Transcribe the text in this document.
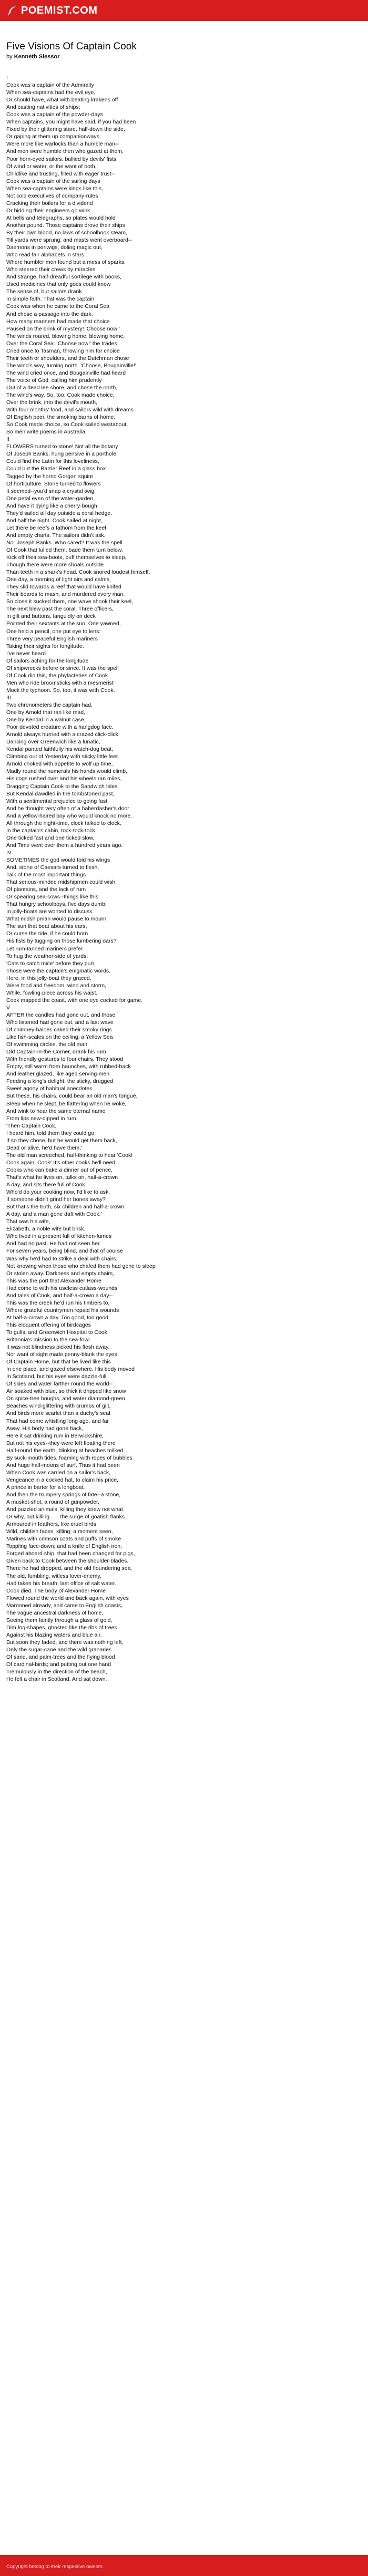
POEMIST.COM
Five Visions Of Captain Cook

by Kenneth Slessor

I
Cook was a captain of the Admiralty
When sea-captains had the evil eye,
Or should have, what with beating krakens off
And casting nativities of ships;
Cook was a captain of the powder-days
When captains, you might have said, if you had been
Fixed by their glittering stare, half-down the side,
Or gaping at them up companionways,
Were more like warlocks than a humble man--
And men were humble then who gazed at them,
Poor horn-eyed sailors, bullied by devils' fists
Of wind or water, or the want of both,
Childlike and trusting, filled with eager trust--
Cook was a captain of the sailing days
When sea-captains were kings like this,
Not cold executives of company-rules
Cracking their boilers for a dividend
Or bidding their engineers go wink
At bells and telegraphs, so plates would hold
Another pound. Those captains drove their ships
By their own blood, no laws of schoolbook steam,
Till yards were sprung, and masts went overboard--
Daemons in periwigs, doling magic out,
Who read fair alphabets in stars
Where humbler men found but a mess of sparks,
Who steered their crews by miracles
And strange, half-dreadful sortilege with books,
Used medicines that only gods could know
The sense of, but sailors drank
In simple faith. That was the captain
Cook was when he came to the Coral Sea
And chose a passage into the dark.
How many mariners had made that choice
Paused on the brink of mystery! 'Choose now!'
The winds roared, blowing home, blowing home,
Over the Coral Sea. 'Choose now!' the trades
Cried once to Tasman, throwing him for choice
Their teeth or shoulders, and the Dutchman chose
The wind's way, turning north. 'Choose, Bougainville!'
The wind cried once, and Bougainville had heard
The voice of God, calling him prudently
Out of a dead lee shore, and chose the north,
The wind's way. So, too, Cook made choice,
Over the brink, into the devil's mouth,
With four months' food, and sailors wild with dreams
Of English beer, the smoking barns of home.
So Cook made choice, so Cook sailed westabout,
So men write poems in Australia.
II
FLOWERS turned to stone! Not all the botany
Of Joseph Banks, hung pensive in a porthole,
Could find the Latin for this loveliness,
Could put the Barrier Reef in a glass box
Tagged by the horrid Gorgon squint
Of horticulture. Stone turned to flowers
It seemed--you'd snap a crystal twig,
One petal even of the water-garden,
And have it dying like a cherry-bough.
They'd sailed all day outside a coral hedge,
And half the night. Cook sailed at night,
Let there be reefs a fathom from the keel
And empty charts. The sailors didn't ask,
Nor Joseph Banks. Who cared? It was the spell
Of Cook that lulled them, bade them turn below,
Kick off their sea-boots, puff themselves to sleep,
Though there were more shoals outside
Than teeth in a shark's head. Cook snored loudest himself.
One day, a morning of light airs and calms,
They slid towards a reef that would have knifed
Their boards to mash, and murdered every man.
So close it sucked them, one wave shook their keel,
The next blew past the coral. Three officers,
In gilt and buttons, languidly on deck
Pointed their sextants at the sun. One yawned,
One held a pencil, one put eye to lens:
Three very peaceful English mariners
Taking their sights for longitude.
I've never heard
Of sailors aching for the longitude
Of shipwrecks before or since. It was the spell
Of Cook did this, the phylacteries of Cook.
Men who ride broomsticks with a mesmerist
Mock the typhoon. So, too, it was with Cook.
III
Two chronometers the captain had,
One by Arnold that ran like mad,
One by Kendal in a walnut case,
Poor devoted creature with a hangdog face.
Arnold always hurried with a crazed click-click
Dancing over Greenwich like a lunatic,
Kendal panted faithfully his watch-dog beat,
Climbing out of Yesterday with sticky little feet.
Arnold choked with appetite to wolf up time,
Madly round the numerals his hands would climb,
His cogs rushed over and his wheels ran miles,
Dragging Captain Cook to the Sandwich Isles.
But Kendal dawdled in the tombstoned past,
With a sentimental prejudice to going fast,
And he thought very often of a haberdasher's door
And a yellow-haired boy who would knock no more.
All through the night-time, clock talked to clock,
In the captain's cabin, tock-tock-tock,
One ticked fast and one ticked slow,
And Time went over them a hundred years ago.
IV
SOMETIMES the god would fold his wings
And, stone of Caesars turned to flesh,
Talk of the most important things
That serious-minded midshipmen could wish,
Of plantains, and the lack of rum
Or spearing sea-cows--things like this
That hungry schoolboys, five days dumb,
In jolly-boats are wonted to discuss.
What midshipman would pause to mourn
The sun that beat about his ears,
Or curse the tide, if he could horn
His fists by tugging on those lumbering oars?
Let rum-tanned mariners prefer
To hug the weather-side of yards;
'Cats to catch mice' before they purr,
Those were the captain's enigmatic words.
Here, in this jolly-boat they graced,
Were food and freedom, wind and storm,
While, fowling-piece across his waist,
Cook mapped the coast, with one eye cocked for game.
V
AFTER the candles had gone out, and those
Who listened had gone out, and a last wave
Of chimney-haloes caked their smoky rings
Like fish-scales on the ceiling, a Yellow Sea
Of swimming circles, the old man,
Old Captain-in-the-Corner, drank his rum
With friendly gestures to four chairs. They stood
Empty, still warm from haunches, with rubbed-back
And leather glazed, like aged serving-men
Feeding a king's delight, the sticky, drugged
Sweet agony of habitual anecdotes.
But these, his chairs, could bear an old man's tongue,
Sleep when he slept, be flattering when he woke,
And wink to hear the same eternal name
From lips new-dipped in rum.
'Then Captain Cook,
I heard him, told them they could go
If so they chose, but he would get them back,
Dead or alive, he'd have them,'
The old man screeched, half-thinking to hear 'Cook!
Cook again! Cook! It's other cooks he'll need,
Cooks who can bake a dinner out of pence,
That's what he lives on, talks on, half-a-crown
A day, and sits there full of Cook.
Who'd do your cooking now, I'd like to ask,
If someone didn't grind her bones away?
But that's the truth, six children and half-a-crown
A day, and a man gone daft with Cook.'
That was his wife,
Elizabeth, a noble wife but brisk,
Who lived in a present full of kitchen-fumes
And had no past. He had not seen her
For seven years, being blind, and that of course
Was why he'd had to strike a deal with chairs,
Not knowing when those who chafed them had gone to sleep
Or stolen away. Darkness and empty chairs,
This was the port that Alexander Home
Had come to with his useless cutlass-wounds
And tales of Cook, and half-a-crown a day--
This was the creek he'd run his timbers to,
Where grateful countrymen repaid his wounds
At half-a-crown a day. Too good, too good,
This eloquent offering of birdcages
To gulls, and Greenwich Hospital to Cook,
Britannia's mission to the sea-fowl.
It was not blindness picked his flesh away,
Nor want of sight made penny-blank the eyes
Of Captain Home, but that he lived like this
In one place, and gazed elsewhere. His body moved
In Scotland, but his eyes were dazzle-full
Of skies and water farther round the world--
Air soaked with blue, so thick it dripped like snow
On spice-tree boughs, and water diamond-green,
Beaches wind-glittering with crumbs of gilt,
And birds more scarlet than a duchy's seal
That had come whistling long ago, and far
Away. His body had gone back,
Here it sat drinking rum in Berwickshire,
But not his eyes--they were left floating there
Half-round the earth, blinking at beaches milked
By suck-mouth tides, foaming with ropes of bubbles
And huge half-moons of surf. Thus it had been
When Cook was carried on a sailor's back,
Vengeance in a cocked hat, to claim his price,
A prince in barter for a longboat.
And then the trumpery springs of fate--a stone,
A musket-shot, a round of gunpowder,
And puzzled animals, killing they knew not what
Or why, but killing . . . the surge of goatish flanks
Armoured in feathers, like cruel birds:
Wild, childish faces, killing; a moment seen,
Marines with crimson coats and puffs of smoke
Toppling face-down; and a knife of English iron,
Forged aboard ship, that had been changed for pigs,
Given back to Cook between the shoulder-blades.
There he had dropped, and the old floundering sea,
The old, fumbling, witless lover-enemy,
Had taken his breath, last office of salt water.
Cook died. The body of Alexander Home
Flowed round the world and back again, with eyes
Marooned already, and came to English coasts,
The vague ancestral darkness of home,
Seeing them faintly through a glass of gold,
Dim fog-shapes, ghosted like the ribs of trees
Against his blazing waters and blue air.
But soon they faded, and there was nothing left,
Only the sugar-cane and the wild granaries
Of sand, and palm-trees and the flying blood
Of cardinal-birds; and putting out one hand
Tremulously in the direction of the beach,
He felt a chair in Scotland. And sat down.
Copyright belong to their respective owners
